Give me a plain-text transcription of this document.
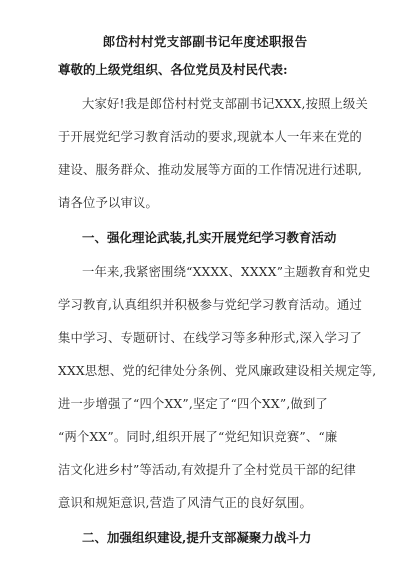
郎岱村村党支部副书记年度述职报告
尊敬的上级党组织、各位党员及村民代表:
大家好!我是郎岱村村党支部副书记XXX,按照上级关
于开展党纪学习教育活动的要求,现就本人一年来在党的
建设、服务群众、推动发展等方面的工作情况进行述职,
请各位予以审议。
一、强化理论武装,扎实开展党纪学习教育活动
一年来,我紧密围绕“XXXX、XXXX”主题教育和党史
学习教育,认真组织并积极参与党纪学习教育活动。通过
集中学习、专题研讨、在线学习等多种形式,深入学习了
XXX思想、党的纪律处分条例、党风廉政建设相关规定等,
进一步增强了“四个XX”,坚定了“四个XX”,做到了
“两个XX”。同时,组织开展了“党纪知识竞赛”、“廉
洁文化进乡村”等活动,有效提升了全村党员干部的纪律
意识和规矩意识,营造了风清气正的良好氛围。
二、加强组织建设,提升支部凝聚力战斗力
